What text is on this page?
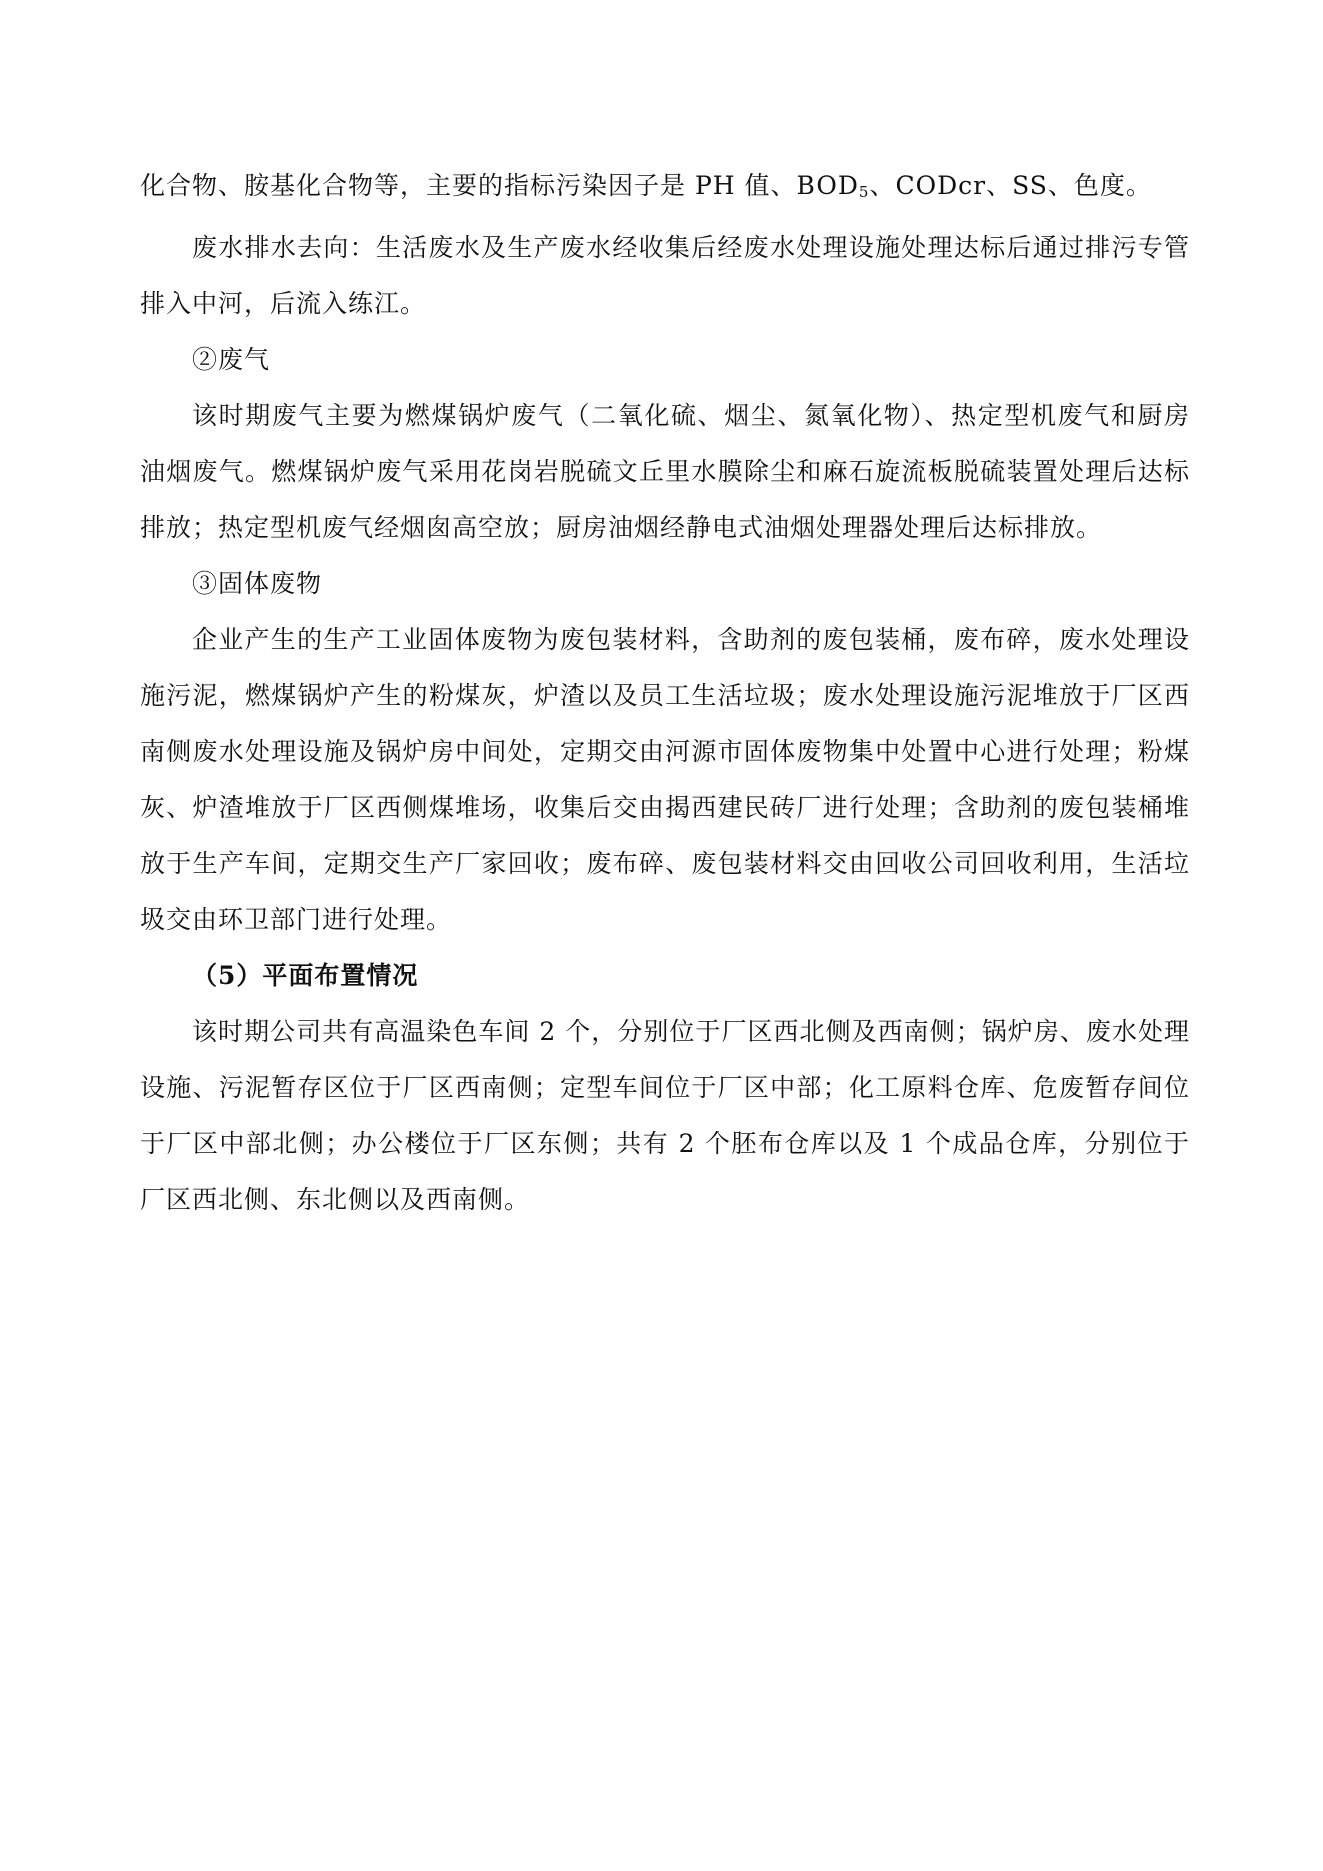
化合物、胺基化合物等，主要的指标污染因子是 PH 值、$BOD_5$、CODcr、SS、色度。

废水排水去向：生活废水及生产废水经收集后经废水处理设施处理达标后通过排污专管排入中河，后流入练江。

②废气

该时期废气主要为燃煤锅炉废气（二氧化硫、烟尘、氮氧化物）、热定型机废气和厨房油烟废气。燃煤锅炉废气采用花岗岩脱硫文丘里水膜除尘和麻石旋流板脱硫装置处理后达标排放；热定型机废气经烟囱高空放；厨房油烟经静电式油烟处理器处理后达标排放。

③固体废物

企业产生的生产工业固体废物为废包装材料，含助剂的废包装桶，废布碎，废水处理设施污泥，燃煤锅炉产生的粉煤灰，炉渣以及员工生活垃圾；废水处理设施污泥堆放于厂区西南侧废水处理设施及锅炉房中间处，定期交由河源市固体废物集中处置中心进行处理；粉煤灰、炉渣堆放于厂区西侧煤堆场，收集后交由揭西建民砖厂进行处理；含助剂的废包装桶堆放于生产车间，定期交生产厂家回收；废布碎、废包装材料交由回收公司回收利用，生活垃圾交由环卫部门进行处理。

（5）平面布置情况

该时期公司共有高温染色车间 2 个，分别位于厂区西北侧及西南侧；锅炉房、废水处理设施、污泥暂存区位于厂区西南侧；定型车间位于厂区中部；化工原料仓库、危废暂存间位于厂区中部北侧；办公楼位于厂区东侧；共有 2 个胚布仓库以及 1 个成品仓库，分别位于厂区西北侧、东北侧以及西南侧。
